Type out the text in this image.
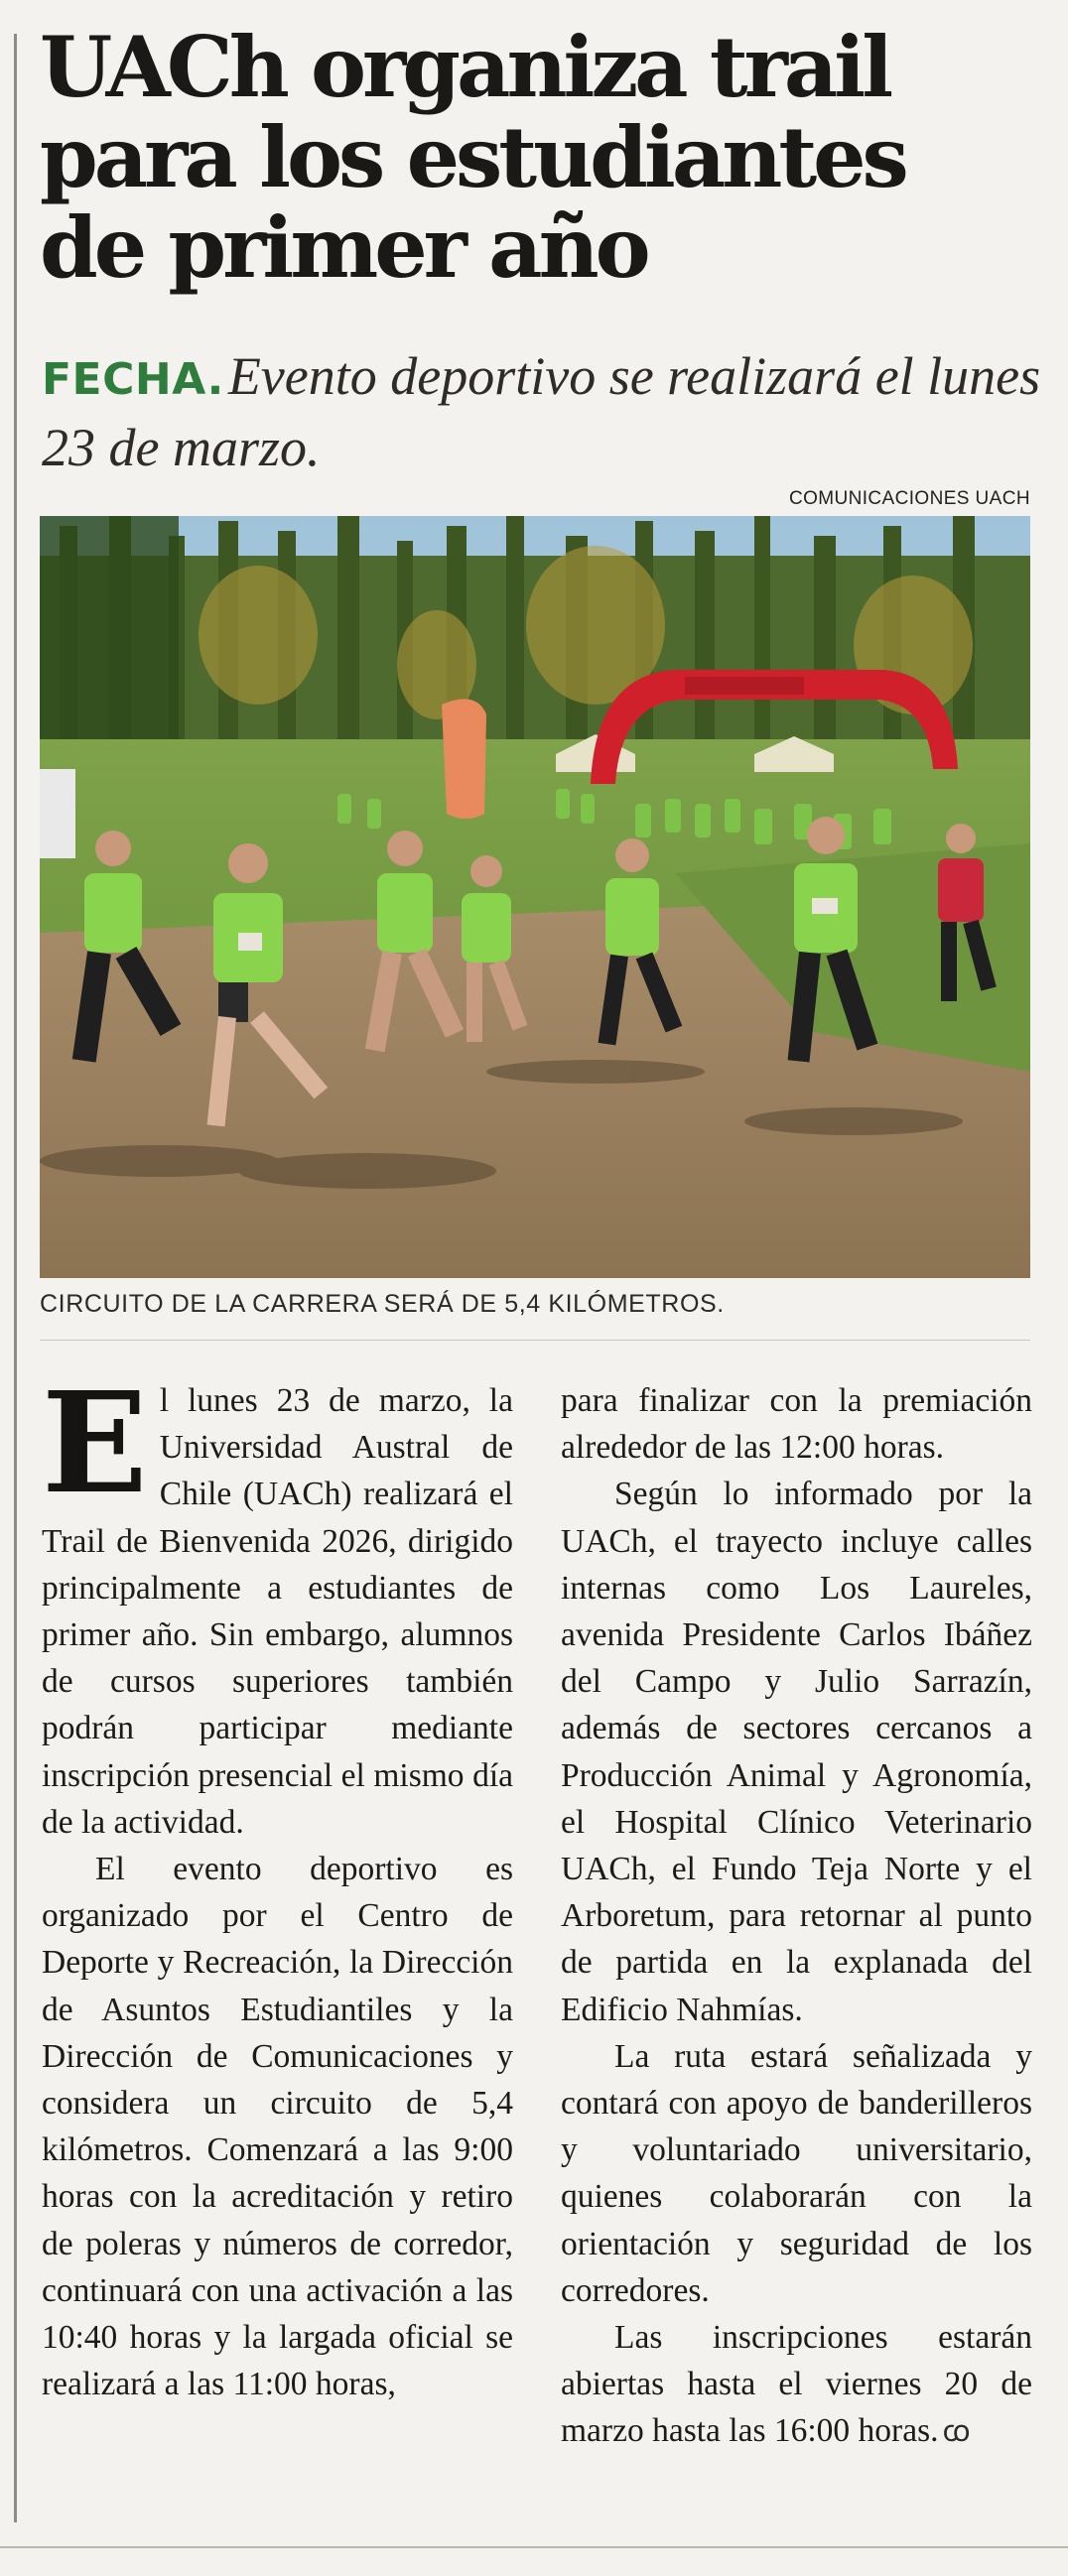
UACh organiza trail
para los estudiantes
de primer año
FECHA. Evento deportivo se realizará el lunes 23 de marzo.
COMUNICACIONES UACH
CIRCUITO DE LA CARRERA SERÁ DE 5,4 KILÓMETROS.

El lunes 23 de marzo, la Universidad Austral de Chile (UACh) realizará el Trail de Bienvenida 2026, dirigido principalmente a estudiantes de primer año. Sin embargo, alumnos de cursos superiores también podrán participar mediante inscripción presencial el mismo día de la actividad.

El evento deportivo es organizado por el Centro de Deporte y Recreación, la Dirección de Asuntos Estudiantiles y la Dirección de Comunicaciones y considera un circuito de 5,4 kilómetros. Comenzará a las 9:00 horas con la acreditación y retiro de poleras y números de corredor, continuará con una activación a las 10:40 horas y la largada oficial se realizará a las 11:00 horas,

para finalizar con la premiación alrededor de las 12:00 horas.

Según lo informado por la UACh, el trayecto incluye calles internas como Los Laureles, avenida Presidente Carlos Ibáñez del Campo y Julio Sarrazín, además de sectores cercanos a Producción Animal y Agronomía, el Hospital Clínico Veterinario UACh, el Fundo Teja Norte y el Arboretum, para retornar al punto de partida en la explanada del Edificio Nahmías.

La ruta estará señalizada y contará con apoyo de banderilleros y voluntariado universitario, quienes colaborarán con la orientación y seguridad de los corredores.

Las inscripciones estarán abiertas hasta el viernes 20 de marzo hasta las 16:00 horas. ꭃ
